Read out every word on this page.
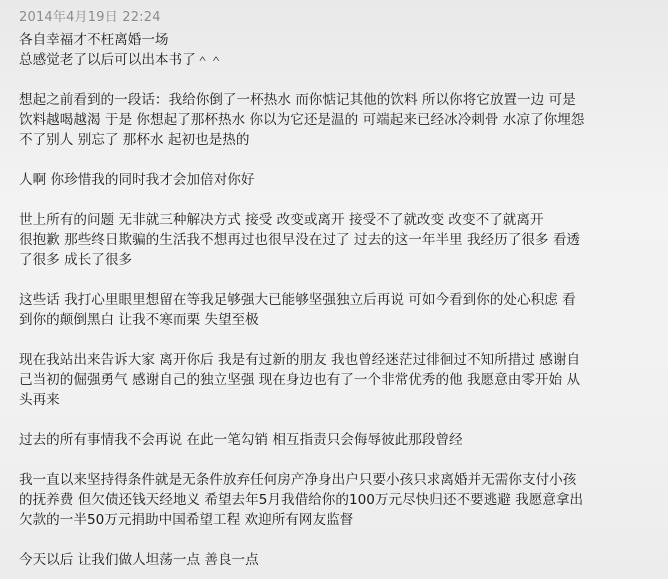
2014年4月19日 22:24

各自幸福才不枉离婚一场
总感觉老了以后可以出本书了＾＾

想起之前看到的一段话：我给你倒了一杯热水 而你惦记其他的饮料 所以你将它放置一边 可是
饮料越喝越渴 于是 你想起了那杯热水 你以为它还是温的 可端起来已经冰冷刺骨 水凉了你埋怨
不了别人 别忘了 那杯水 起初也是热的

人啊 你珍惜我的同时我才会加倍对你好

世上所有的问题 无非就三种解决方式 接受 改变或离开 接受不了就改变 改变不了就离开
很抱歉 那些终日欺骗的生活我不想再过也很早没在过了 过去的这一年半里 我经历了很多 看透
了很多 成长了很多

这些话 我打心里眼里想留在等我足够强大已能够坚强独立后再说 可如今看到你的处心积虑 看
到你的颠倒黑白 让我不寒而栗 失望至极

现在我站出来告诉大家 离开你后 我是有过新的朋友 我也曾经迷茫过徘徊过不知所措过 感谢自
己当初的倔强勇气 感谢自己的独立坚强 现在身边也有了一个非常优秀的他 我愿意由零开始 从
头再来

过去的所有事情我不会再说 在此一笔勾销 相互指责只会侮辱彼此那段曾经

我一直以来坚持得条件就是无条件放弃任何房产净身出户只要小孩只求离婚并无需你支付小孩
的抚养费 但欠债还钱天经地义 希望去年5月我借给你的100万元尽快归还不要逃避 我愿意拿出
欠款的一半50万元捐助中国希望工程 欢迎所有网友监督

今天以后 让我们做人坦荡一点 善良一点
